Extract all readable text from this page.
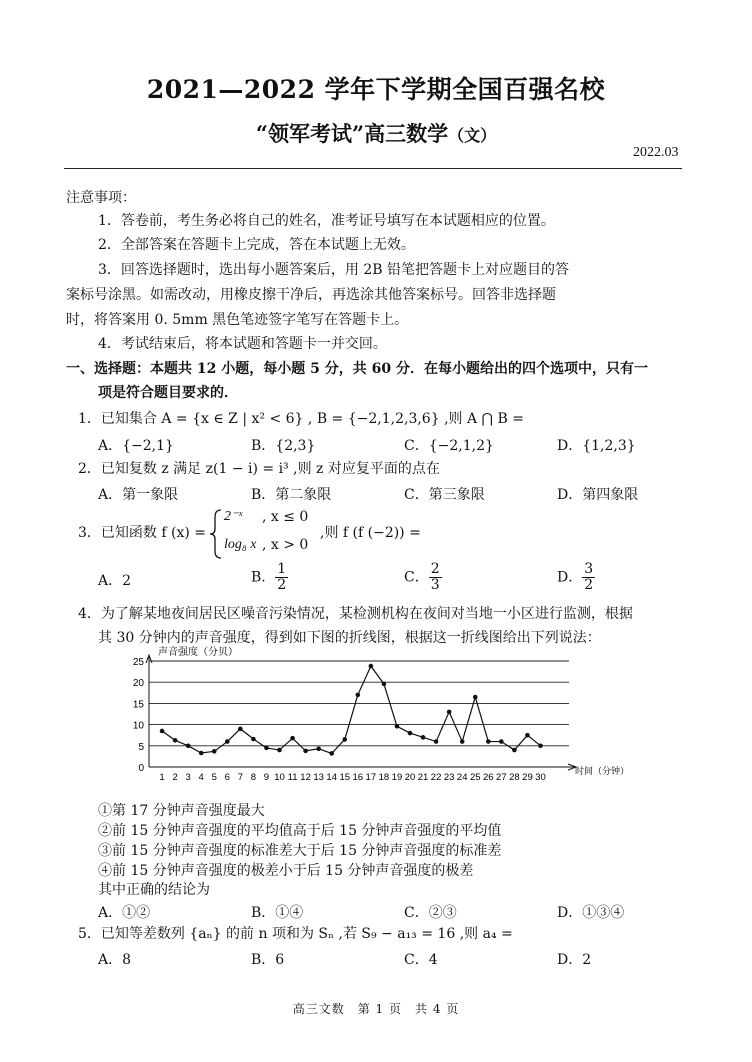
2021—2022 学年下学期全国百强名校
“领军考试”高三数学（文）
2022.03
注意事项：
1．答卷前，考生务必将自己的姓名，准考证号填写在本试题相应的位置。
2．全部答案在答题卡上完成，答在本试题上无效。
3．回答选择题时，选出每小题答案后，用 2B 铅笔把答题卡上对应题目的答
案标号涂黑。如需改动，用橡皮擦干净后，再选涂其他答案标号。回答非选择题
时，将答案用 0. 5mm 黑色笔迹签字笔写在答题卡上。
4．考试结束后，将本试题和答题卡一并交回。
一、选择题：本题共 12 小题，每小题 5 分，共 60 分．在每小题给出的四个选项中，只有一
项是符合题目要求的．
1．已知集合 A = {x ∈ Z | x² < 6} , B = {−2,1,2,3,6} ,则 A ⋂ B =
A．{−2,1}	B．{2,3}	C．{−2,1,2}	D．{1,2,3}
2．已知复数 z 满足 z(1 − i) = i³ ,则 z 对应复平面的点在
A．第一象限	B．第二象限	C．第三象限	D．第四象限
3．已知函数 f (x) =
2⁻ˣ , x ≤ 0
log₈ x , x > 0
,则 f (f (−2)) =
A．2	B． $\frac{1}{2}$	C． $\frac{2}{3}$	D． $\frac{3}{2}$
4．为了解某地夜间居民区噪音污染情况，某检测机构在夜间对当地一小区进行监测，根据
其 30 分钟内的声音强度，得到如下图的折线图，根据这一折线图给出下列说法：
0
5
10
15
20
25
1 2 3 4 5 6 7 8 9 10 11 12 13 14 15 16 17 18 19 20 21 22 23 24 25 26 27 28 29 30
声音强度（分贝）
时间（分钟）
①第 17 分钟声音强度最大
②前 15 分钟声音强度的平均值高于后 15 分钟声音强度的平均值
③前 15 分钟声音强度的标准差大于后 15 分钟声音强度的标准差
④前 15 分钟声音强度的极差小于后 15 分钟声音强度的极差
其中正确的结论为
A．①②	B．①④	C．②③	D．①③④
5．已知等差数列 {aₙ} 的前 n 项和为 Sₙ ,若 S₉ − a₁₃ = 16 ,则 a₄ =
A．8	B．6	C．4	D．2
高三文数　第 1 页　共 4 页
